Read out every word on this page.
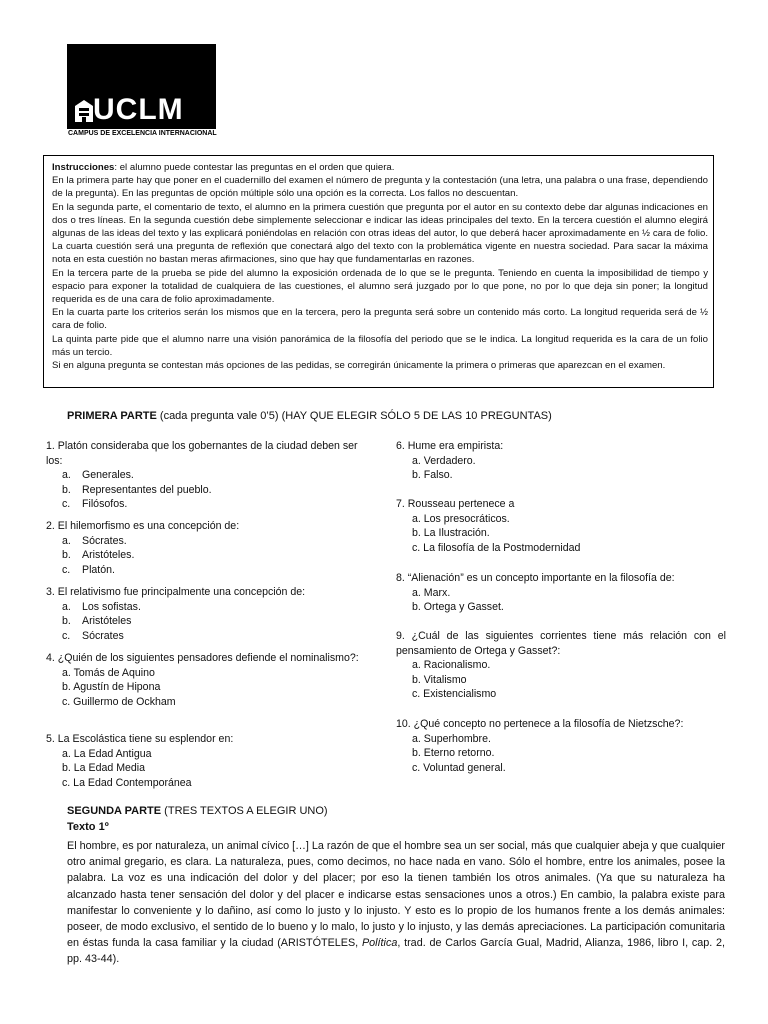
UCLM
CAMPUS DE EXCELENCIA INTERNACIONAL

Instrucciones: el alumno puede contestar las preguntas en el orden que quiera.

En la primera parte hay que poner en el cuadernillo del examen el número de pregunta y la contestación (una letra, una palabra o una frase, dependiendo de la pregunta). En las preguntas de opción múltiple sólo una opción es la correcta. Los fallos no descuentan.

En la segunda parte, el comentario de texto, el alumno en la primera cuestión que pregunta por el autor en su contexto debe dar algunas indicaciones en dos o tres líneas. En la segunda cuestión debe simplemente seleccionar e indicar las ideas principales del texto. En la tercera cuestión el alumno elegirá algunas de las ideas del texto y las explicará poniéndolas en relación con otras ideas del autor, lo que deberá hacer aproximadamente en ½ cara de folio. La cuarta cuestión será una pregunta de reflexión que conectará algo del texto con la problemática vigente en nuestra sociedad. Para sacar la máxima nota en esta cuestión no bastan meras afirmaciones, sino que hay que fundamentarlas en razones.

En la tercera parte de la prueba se pide del alumno la exposición ordenada de lo que se le pregunta. Teniendo en cuenta la imposibilidad de tiempo y espacio para exponer la totalidad de cualquiera de las cuestiones, el alumno será juzgado por lo que pone, no por lo que deja sin poner; la longitud requerida es de una cara de folio aproximadamente.

En la cuarta parte los criterios serán los mismos que en la tercera, pero la pregunta será sobre un contenido más corto. La longitud requerida será de ½ cara de folio.

La quinta parte pide que el alumno narre una visión panorámica de la filosofía del periodo que se le indica. La longitud requerida es la cara de un folio más un tercio.

Si en alguna pregunta se contestan más opciones de las pedidas, se corregirán únicamente la primera o primeras que aparezcan en el examen.

PRIMERA PARTE (cada pregunta vale 0’5) (HAY QUE ELEGIR SÓLO 5 DE LAS 10 PREGUNTAS)

1. Platón consideraba que los gobernantes de la ciudad deben ser los:

a. Generales.

b. Representantes del pueblo.

c. Filósofos.

2. El hilemorfismo es una concepción de:

a. Sócrates.

b. Aristóteles.

c. Platón.

3. El relativismo fue principalmente una concepción de:

a. Los sofistas.

b. Aristóteles

c. Sócrates

4. ¿Quién de los siguientes pensadores defiende el nominalismo?:

a. Tomás de Aquino

b. Agustín de Hipona

c. Guillermo de Ockham

5. La Escolástica tiene su esplendor en:

a. La Edad Antigua

b. La Edad Media

c. La Edad Contemporánea

6. Hume era empirista:

a. Verdadero.

b. Falso.

7. Rousseau pertenece a

a. Los presocráticos.

b. La Ilustración.

c. La filosofía de la Postmodernidad

8. “Alienación” es un concepto importante en la filosofía de:

a. Marx.

b. Ortega y Gasset.

9. ¿Cuál de las siguientes corrientes tiene más relación con el pensamiento de Ortega y Gasset?:

a. Racionalismo.

b. Vitalismo

c. Existencialismo

10. ¿Qué concepto no pertenece a la filosofía de Nietzsche?:

a. Superhombre.

b. Eterno retorno.

c. Voluntad general.

SEGUNDA PARTE (TRES TEXTOS A ELEGIR UNO)
Texto 1º

El hombre, es por naturaleza, un animal cívico […] La razón de que el hombre sea un ser social, más que cualquier abeja y que cualquier otro animal gregario, es clara. La naturaleza, pues, como decimos, no hace nada en vano. Sólo el hombre, entre los animales, posee la palabra. La voz es una indicación del dolor y del placer; por eso la tienen también los otros animales. (Ya que su naturaleza ha alcanzado hasta tener sensación del dolor y del placer e indicarse estas sensaciones unos a otros.) En cambio, la palabra existe para manifestar lo conveniente y lo dañino, así como lo justo y lo injusto. Y esto es lo propio de los humanos frente a los demás animales: poseer, de modo exclusivo, el sentido de lo bueno y lo malo, lo justo y lo injusto, y las demás apreciaciones. La participación comunitaria en éstas funda la casa familiar y la ciudad (ARISTÓTELES, Política, trad. de Carlos García Gual, Madrid, Alianza, 1986, libro I, cap. 2, pp. 43-44).
